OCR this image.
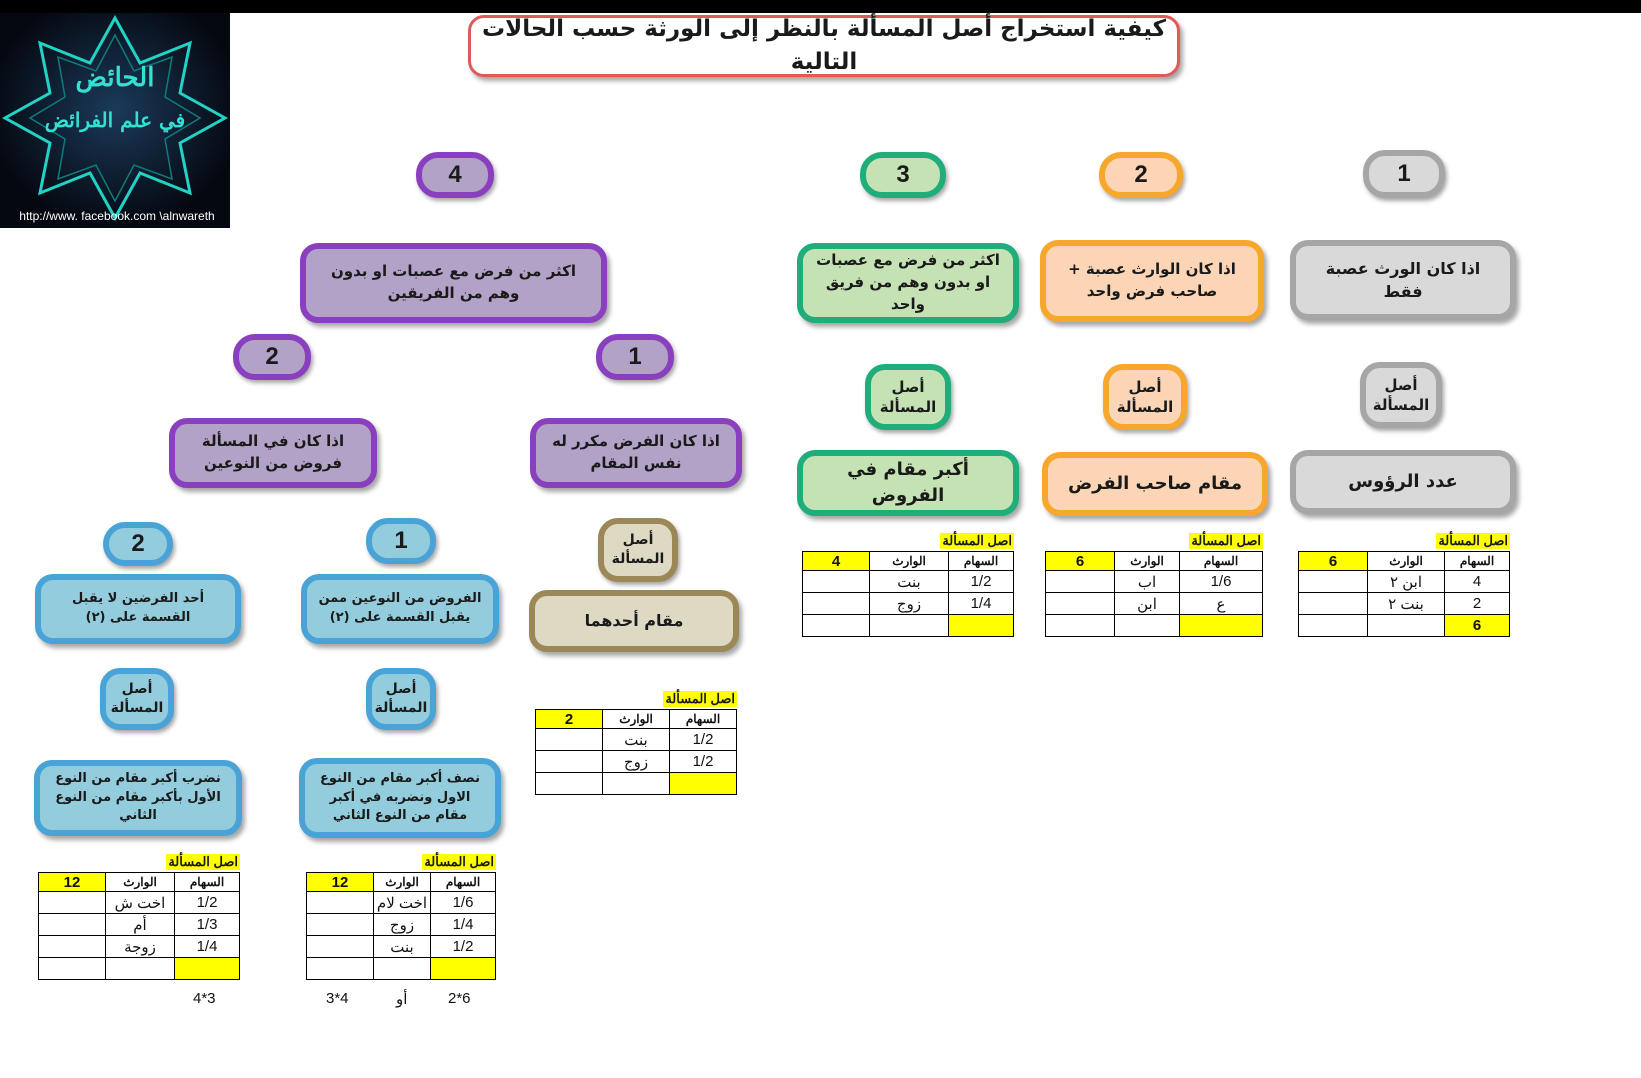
الحائض
في علم الفرائض
http://www. facebook.com \alnwareth
كيفية استخراج أصل المسألة بالنظر إلى الورثة حسب الحالات التالية
1
اذا كان الورث عصبة فقط
أصل المسألة
عدد الرؤوس
اصل المسألة
السهام	الوارث	6
4	ابن ٢	
2	بنت ٢	
6		
2
اذا كان الوارث عصبة + صاحب فرض واحد
أصل المسألة
مقام صاحب الفرض
اصل المسألة
السهام	الوارث	6
1/6	اب	
ع	ابن	

3
اكثر من فرض مع عصبات او بدون وهم من فريق واحد
أصل المسألة
أكبر مقام في الفروض
اصل المسألة
السهام	الوارث	4
1/2	بنت	
1/4	زوج	

4
اكثر من فرض مع عصبات او بدون وهم من الفريقين
1
اذا كان الفرض مكرر له نفس المقام
أصل المسألة
مقام أحدهما
اصل المسألة
السهام	الوارث	2
1/2	بنت	
1/2	زوج	

2
اذا كان في المسألة فروض من النوعين
1
الفروض من النوعين ممن يقبل القسمة على (٢)
أصل المسألة
نصف أكبر مقام من النوع الاول ونضربه في أكبر مقام من النوع الثاني
اصل المسألة
السهام	الوارث	12
1/6	اخت لام	
1/4	زوج	
1/2	بنت	

2*6
أو
3*4
2
أحد الفرضين لا يقبل القسمة على (٢)
أصل المسألة
نضرب أكبر مقام من النوع الأول بأكبر مقام من النوع الثاني
اصل المسألة
السهام	الوارث	12
1/2	اخت ش	
1/3	أم	
1/4	زوجة	

4*3
